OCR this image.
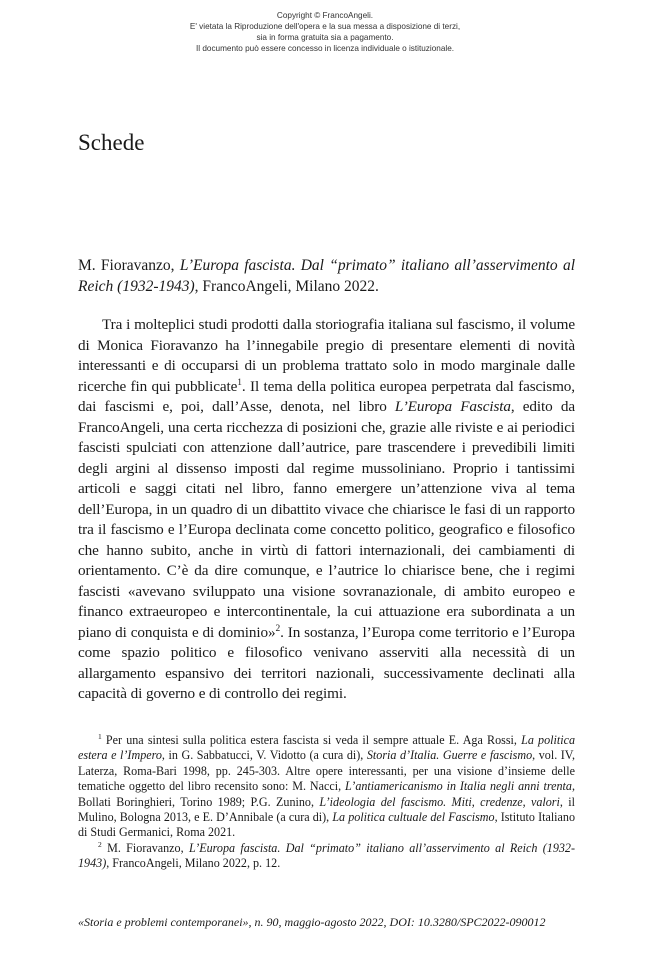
Copyright © FrancoAngeli.
E' vietata la Riproduzione dell'opera e la sua messa a disposizione di terzi,
sia in forma gratuita sia a pagamento.
Il documento può essere concesso in licenza individuale o istituzionale.
Schede
M. Fioravanzo, L’Europa fascista. Dal “primato” italiano all’asservimento al Reich (1932-1943), FrancoAngeli, Milano 2022.

Tra i molteplici studi prodotti dalla storiografia italiana sul fascismo, il volume di Monica Fioravanzo ha l’innegabile pregio di presentare elementi di novità interessanti e di occuparsi di un problema trattato solo in modo marginale dalle ricerche fin qui pubblicate$^1$. Il tema della politica europea perpetrata dal fascismo, dai fascismi e, poi, dall’Asse, denota, nel libro L’Europa Fascista, edito da FrancoAngeli, una certa ricchezza di posizioni che, grazie alle riviste e ai periodici fascisti spulciati con attenzione dall’autrice, pare trascendere i prevedibili limiti degli argini al dissenso imposti dal regime mussoliniano. Proprio i tantissimi articoli e saggi citati nel libro, fanno emergere un’attenzione viva al tema dell’Europa, in un quadro di un dibattito vivace che chiarisce le fasi di un rapporto tra il fascismo e l’Europa declinata come concetto politico, geografico e filosofico che hanno subito, anche in virtù di fattori internazionali, dei cambiamenti di orientamento. C’è da dire comunque, e l’autrice lo chiarisce bene, che i regimi fascisti «avevano sviluppato una visione sovranazionale, di ambito europeo e financo extraeuropeo e intercontinentale, la cui attuazione era subordinata a un piano di conquista e di dominio»$^2$. In sostanza, l’Europa come territorio e l’Europa come spazio politico e filosofico venivano asserviti alla necessità di un allargamento espansivo dei territori nazionali, successivamente declinati alla capacità di governo e di controllo dei regimi.

$^1$ Per una sintesi sulla politica estera fascista si veda il sempre attuale E. Aga Rossi, La politica estera e l’Impero, in G. Sabbatucci, V. Vidotto (a cura di), Storia d’Italia. Guerre e fascismo, vol. IV, Laterza, Roma-Bari 1998, pp. 245-303. Altre opere interessanti, per una visione d’insieme delle tematiche oggetto del libro recensito sono: M. Nacci, L’antiamericanismo in Italia negli anni trenta, Bollati Boringhieri, Torino 1989; P.G. Zunino, L’ideologia del fascismo. Miti, credenze, valori, il Mulino, Bologna 2013, e E. D’Annibale (a cura di), La politica cultuale del Fascismo, Istituto Italiano di Studi Germanici, Roma 2021.

$^2$ M. Fioravanzo, L’Europa fascista. Dal “primato” italiano all’asservimento al Reich (1932-1943), FrancoAngeli, Milano 2022, p. 12.

«Storia e problemi contemporanei», n. 90, maggio-agosto 2022, DOI: 10.3280/SPC2022-090012
